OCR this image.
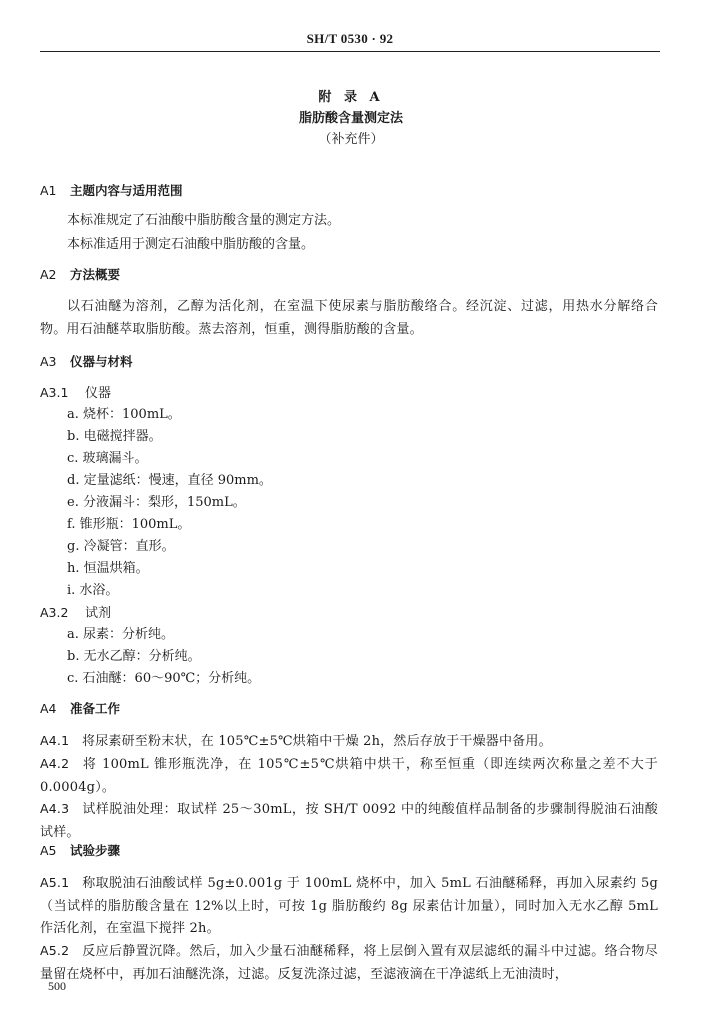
SH/T 0530 · 92
附 录 A
脂肪酸含量测定法
（补充件）
A1 主题内容与适用范围
本标准规定了石油酸中脂肪酸含量的测定方法。
本标准适用于测定石油酸中脂肪酸的含量。
A2 方法概要
以石油醚为溶剂，乙醇为活化剂，在室温下使尿素与脂肪酸络合。经沉淀、过滤，用热水分解络合物。用石油醚萃取脂肪酸。蒸去溶剂，恒重，测得脂肪酸的含量。
A3 仪器与材料
A3.1 仪器
a. 烧杯：100mL。
b. 电磁搅拌器。
c. 玻璃漏斗。
d. 定量滤纸：慢速，直径 90mm。
e. 分液漏斗：梨形，150mL。
f. 锥形瓶：100mL。
g. 冷凝管：直形。
h. 恒温烘箱。
i. 水浴。
A3.2 试剂
a. 尿素：分析纯。
b. 无水乙醇：分析纯。
c. 石油醚：60～90℃；分析纯。
A4 准备工作
A4.1 将尿素研至粉末状，在 105℃±5℃烘箱中干燥 2h，然后存放于干燥器中备用。
A4.2 将 100mL 锥形瓶洗净，在 105℃±5℃烘箱中烘干，称至恒重（即连续两次称量之差不大于 0.0004g）。
A4.3 试样脱油处理：取试样 25～30mL，按 SH/T 0092 中的纯酸值样品制备的步骤制得脱油石油酸试样。
A5 试验步骤
A5.1 称取脱油石油酸试样 5g±0.001g 于 100mL 烧杯中，加入 5mL 石油醚稀释，再加入尿素约 5g（当试样的脂肪酸含量在 12%以上时，可按 1g 脂肪酸约 8g 尿素估计加量），同时加入无水乙醇 5mL 作活化剂，在室温下搅拌 2h。
A5.2 反应后静置沉降。然后，加入少量石油醚稀释，将上层倒入置有双层滤纸的漏斗中过滤。络合物尽量留在烧杯中，再加石油醚洗涤，过滤。反复洗涤过滤，至滤液滴在干净滤纸上无油渍时，
500
